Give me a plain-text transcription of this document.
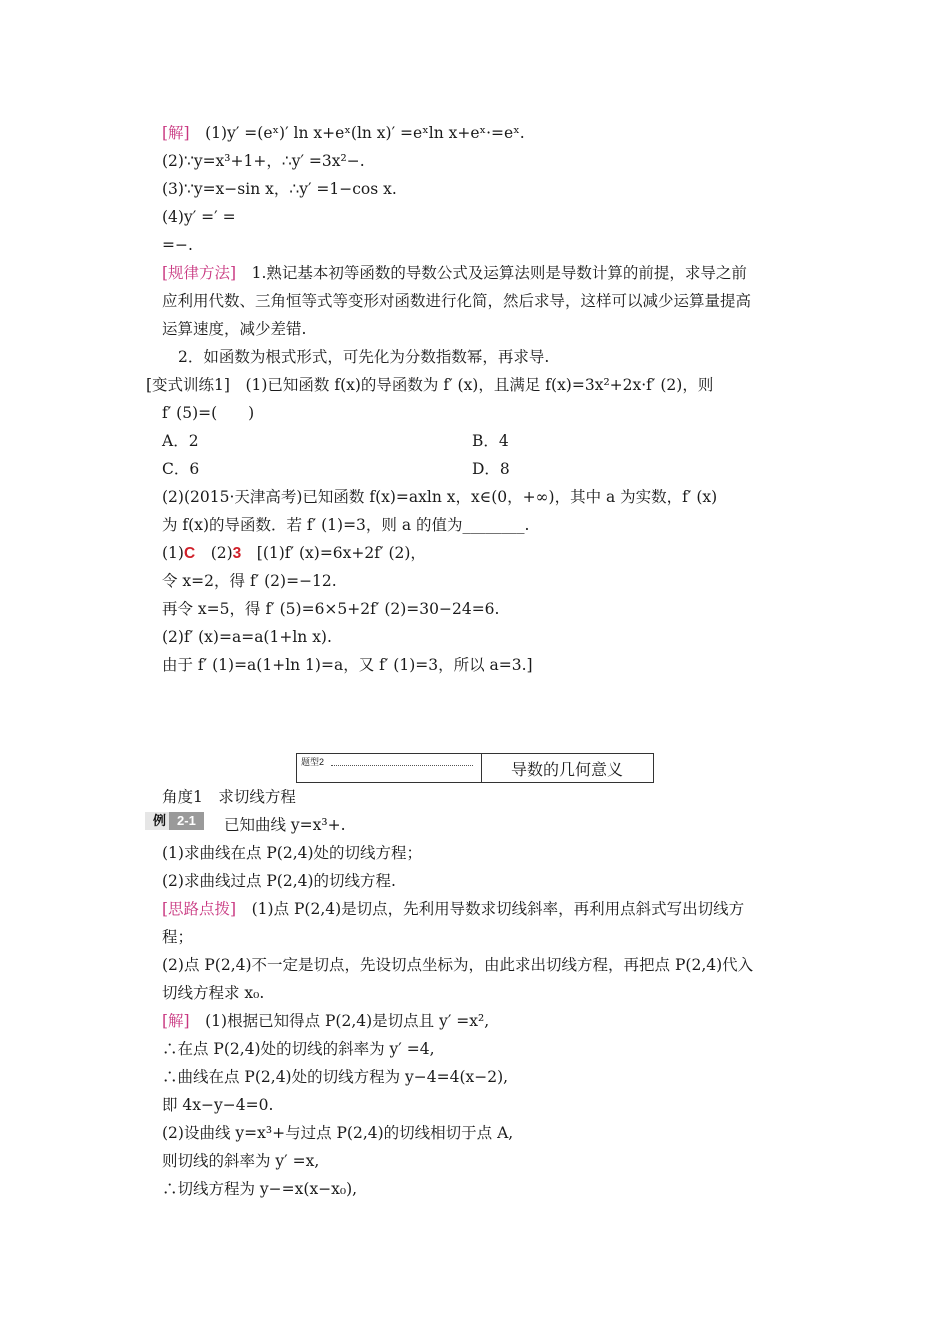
[解]　 (1)y′ =(eˣ)′ ln x+eˣ(ln x)′ =eˣln x+eˣ·=eˣ.
(2)∵y=x³+1+，∴y′ =3x²−.
(3)∵y=x−sin x，∴y′ =1−cos x.
(4)y′ =′ =
=−.
[规律方法]　 1.熟记基本初等函数的导数公式及运算法则是导数计算的前提，求导之前
应利用代数、三角恒等式等变形对函数进行化简，然后求导，这样可以减少运算量提高
运算速度，减少差错.
2．如函数为根式形式，可先化为分数指数幂，再求导.
[变式训练1]　(1)已知函数 f(x)的导函数为 f′ (x)，且满足 f(x)=3x²+2x·f′ (2)，则
f′ (5)=(　　)
A．2	B．4
C．6	D．8
(2)(2015·天津高考)已知函数 f(x)=axln x，x∈(0，+∞)，其中 a 为实数，f′ (x)
为 f(x)的导函数．若 f′ (1)=3，则 a 的值为________.
(1)C　 (2)3　 [(1)f′ (x)=6x+2f′ (2)，
令 x=2，得 f′ (2)=−12.
再令 x=5，得 f′ (5)=6×5+2f′ (2)=30−24=6.
(2)f′ (x)=a=a(1+ln x).
由于 f′ (1)=a(1+ln 1)=a，又 f′ (1)=3，所以 a=3.]
题型2	导数的几何意义
角度1　求切线方程
例 2-1	已知曲线 y=x³+.
(1)求曲线在点 P(2,4)处的切线方程；
(2)求曲线过点 P(2,4)的切线方程.
[思路点拨]　 (1)点 P(2,4)是切点，先利用导数求切线斜率，再利用点斜式写出切线方
程；
(2)点 P(2,4)不一定是切点，先设切点坐标为，由此求出切线方程，再把点 P(2,4)代入
切线方程求 x₀.
[解]　 (1)根据已知得点 P(2,4)是切点且 y′ =x²,
∴在点 P(2,4)处的切线的斜率为 y′ =4,
∴曲线在点 P(2,4)处的切线方程为 y−4=4(x−2),
即 4x−y−4=0.
(2)设曲线 y=x³+与过点 P(2,4)的切线相切于点 A,
则切线的斜率为 y′ =x,
∴切线方程为 y−=x(x−x₀),
